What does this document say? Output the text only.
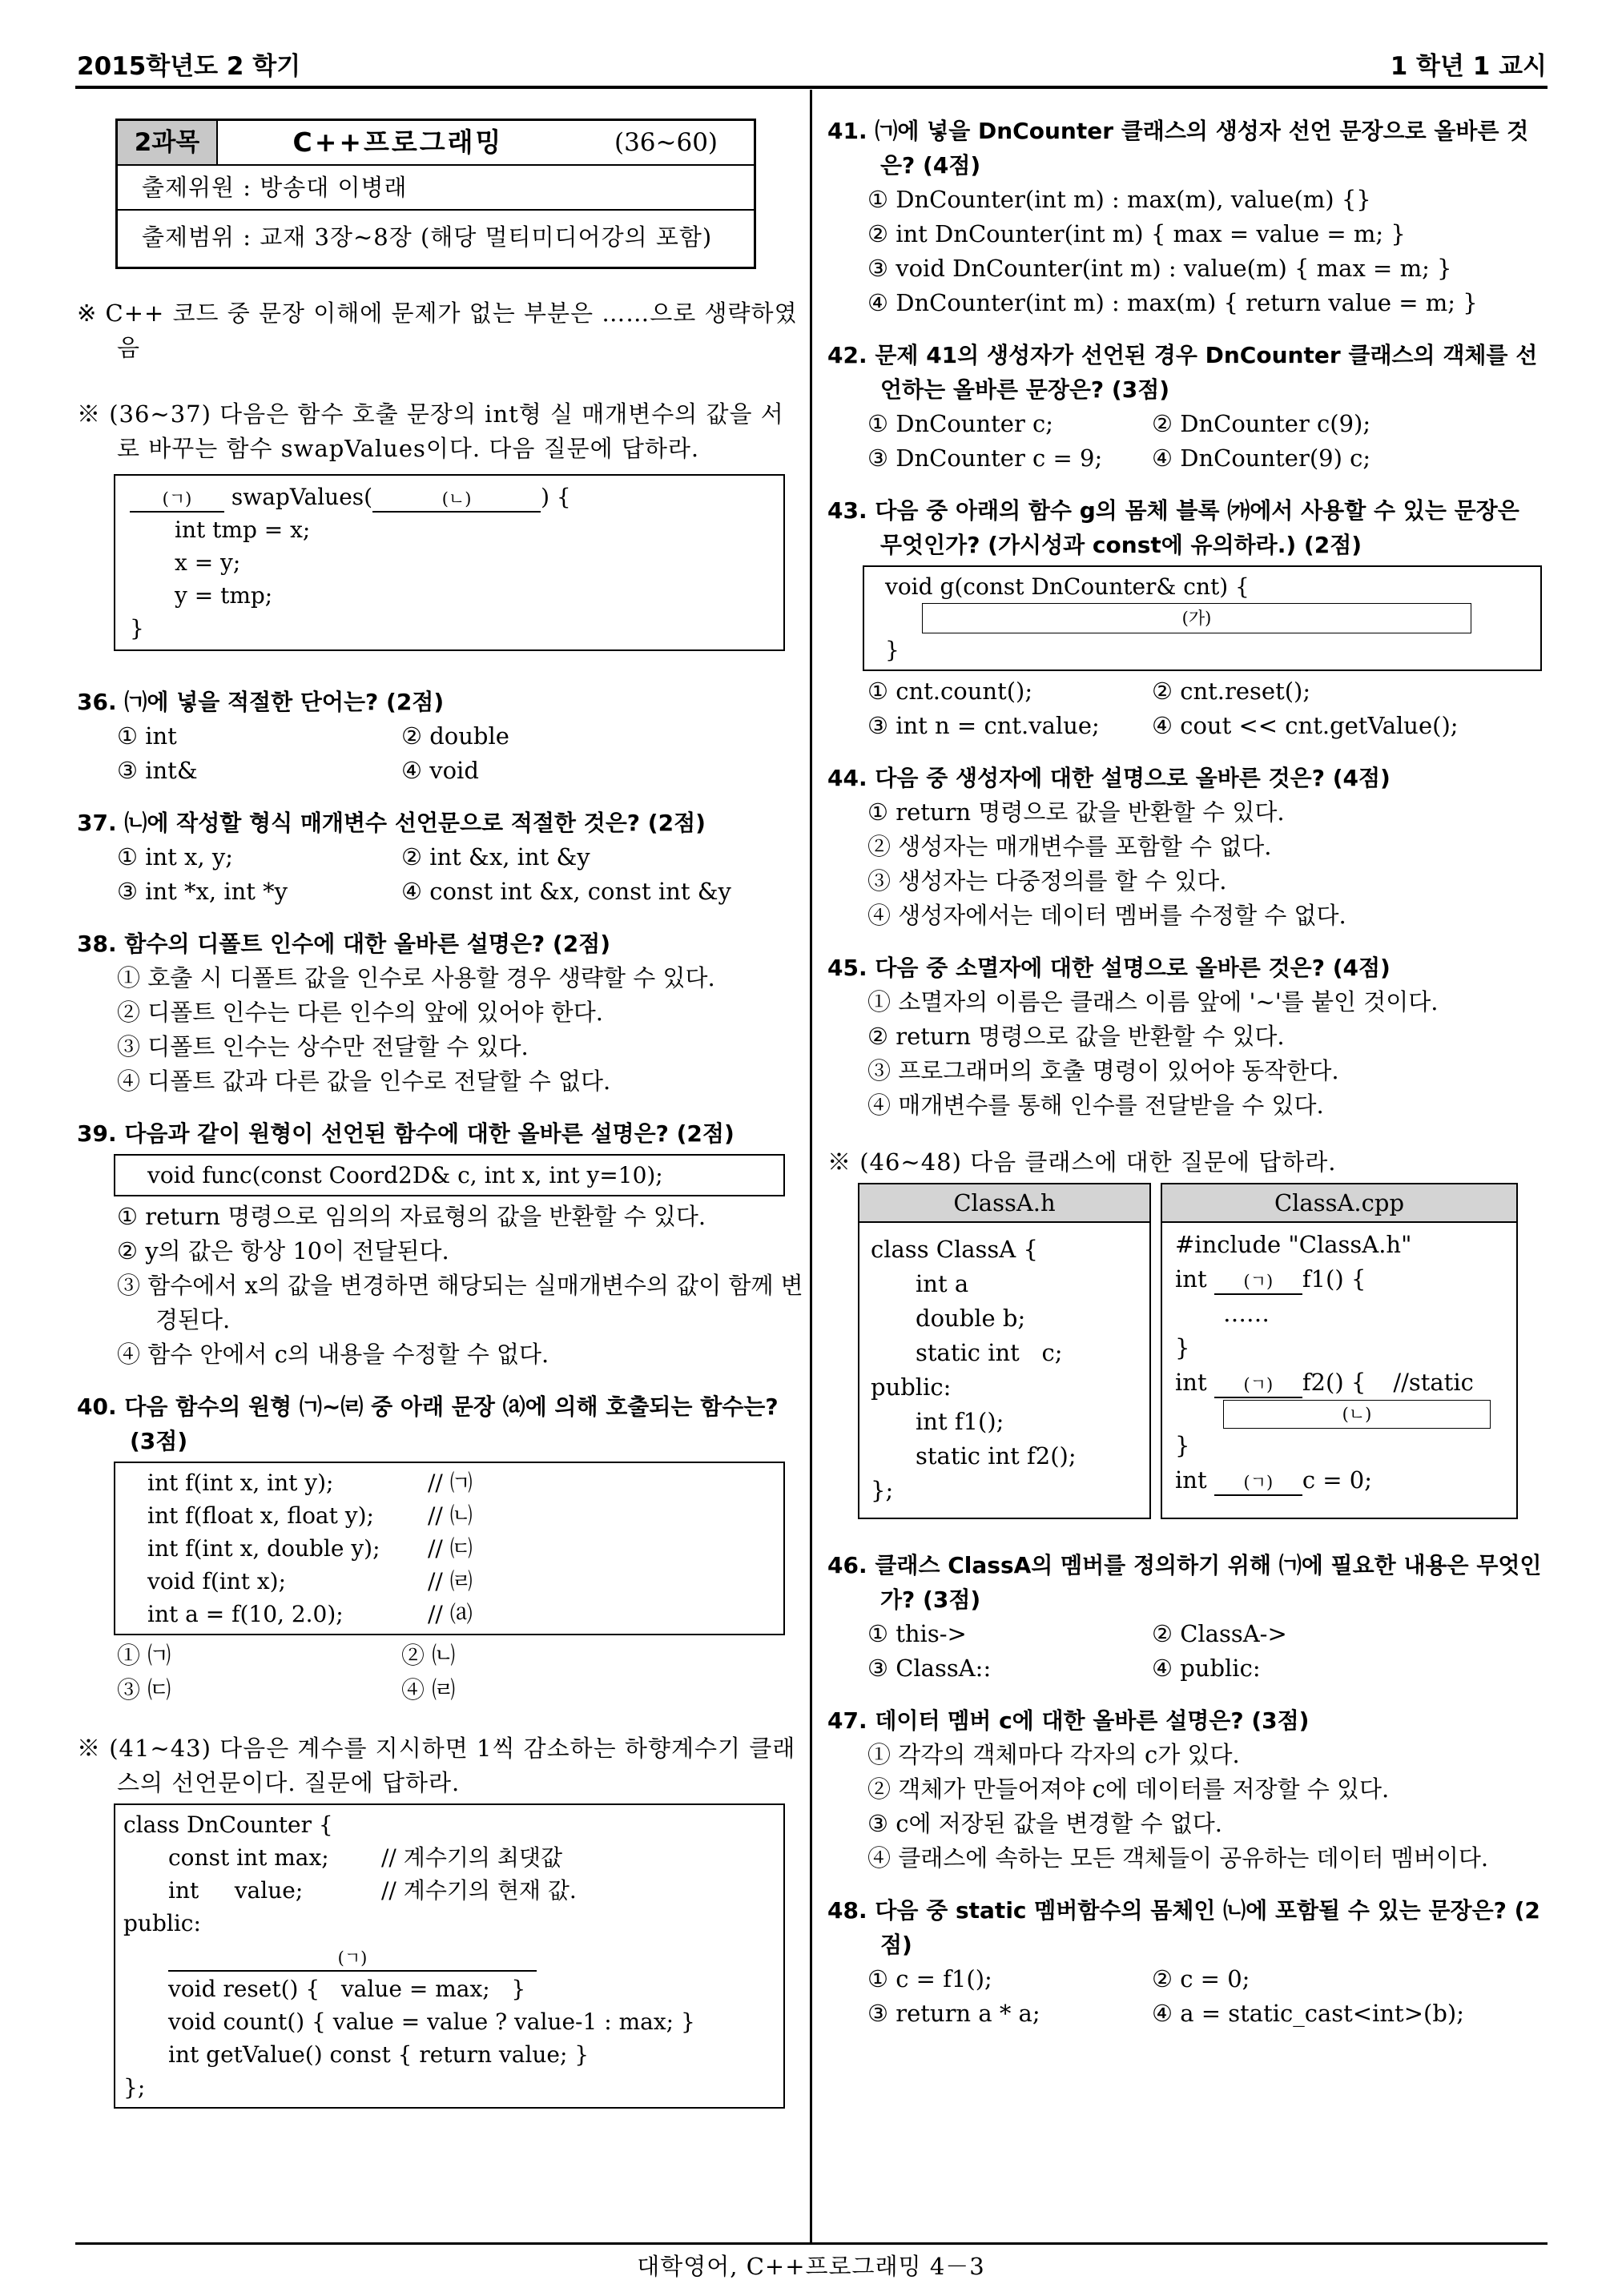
2015학년도 2 학기	1 학년 1 교시
대학영어, C++프로그래밍 4－3
2과목	C++프로그래밍	(36∼60)
출제위원 : 방송대 이병래
출제범위 : 교재 3장∼8장 (해당 멀티미디어강의 포함)
※ C++ 코드 중 문장 이해에 문제가 없는 부분은 ……으로 생략하였음
※ (36∼37) 다음은 함수 호출 문장의 int형 실 매개변수의 값을 서로 바꾸는 함수 swapValues이다. 다음 질문에 답하라.
(ㄱ) swapValues(	(ㄴ)	) {
int tmp = x;
x = y;
y = tmp;
}
36. ㈀에 넣을 적절한 단어는? (2점)
① int	② double
③ int&	④ void
37. ㈁에 작성할 형식 매개변수 선언문으로 적절한 것은? (2점)
① int x, y;	② int &x, int &y
③ int *x, int *y	④ const int &x, const int &y
38. 함수의 디폴트 인수에 대한 올바른 설명은? (2점)
① 호출 시 디폴트 값을 인수로 사용할 경우 생략할 수 있다.
② 디폴트 인수는 다른 인수의 앞에 있어야 한다.
③ 디폴트 인수는 상수만 전달할 수 있다.
④ 디폴트 값과 다른 값을 인수로 전달할 수 없다.
39. 다음과 같이 원형이 선언된 함수에 대한 올바른 설명은? (2점)
void func(const Coord2D& c, int x, int y=10);
① return 명령으로 임의의 자료형의 값을 반환할 수 있다.
② y의 값은 항상 10이 전달된다.
③ 함수에서 x의 값을 변경하면 해당되는 실매개변수의 값이 함께 변경된다.
④ 함수 안에서 c의 내용을 수정할 수 없다.
40. 다음 함수의 원형 ㈀∼㈃ 중 아래 문장 ⒜에 의해 호출되는 함수는? (3점)
int f(int x, int y);	// ㈀
int f(float x, float y);	// ㈁
int f(int x, double y);	// ㈂
void f(int x);	// ㈃
int a = f(10, 2.0);	// ⒜
① ㈀	② ㈁
③ ㈂	④ ㈃
※ (41∼43) 다음은 계수를 지시하면 1씩 감소하는 하향계수기 클래스의 선언문이다. 질문에 답하라.
class DnCounter {
const int max;	// 계수기의 최댓값
int     value;	// 계수기의 현재 값.
public:
(ㄱ)
void reset() {   value = max;   }
void count() { value = value ? value-1 : max; }
int getValue() const { return value; }
};
41. ㈀에 넣을 DnCounter 클래스의 생성자 선언 문장으로 올바른 것은? (4점)
① DnCounter(int m) : max(m), value(m) {}
② int DnCounter(int m) { max = value = m; }
③ void DnCounter(int m) : value(m) { max = m; }
④ DnCounter(int m) : max(m) { return value = m; }
42. 문제 41의 생성자가 선언된 경우 DnCounter 클래스의 객체를 선언하는 올바른 문장은? (3점)
① DnCounter c;	② DnCounter c(9);
③ DnCounter c = 9;	④ DnCounter(9) c;
43. 다음 중 아래의 함수 g의 몸체 블록 ㈎에서 사용할 수 있는 문장은 무엇인가? (가시성과 const에 유의하라.) (2점)
void g(const DnCounter& cnt) {
(가)
}
① cnt.count();	② cnt.reset();
③ int n = cnt.value;	④ cout << cnt.getValue();
44. 다음 중 생성자에 대한 설명으로 올바른 것은? (4점)
① return 명령으로 값을 반환할 수 있다.
② 생성자는 매개변수를 포함할 수 없다.
③ 생성자는 다중정의를 할 수 있다.
④ 생성자에서는 데이터 멤버를 수정할 수 없다.
45. 다음 중 소멸자에 대한 설명으로 올바른 것은? (4점)
① 소멸자의 이름은 클래스 이름 앞에 '~'를 붙인 것이다.
② return 명령으로 값을 반환할 수 있다.
③ 프로그래머의 호출 명령이 있어야 동작한다.
④ 매개변수를 통해 인수를 전달받을 수 있다.
※ (46∼48) 다음 클래스에 대한 질문에 답하라.
ClassA.h
class ClassA {
int a
double b;
static int   c;
public:
int f1();
static int f2();
};
ClassA.cpp
#include "ClassA.h"
int (ㄱ) f1() {
……
}
int (ㄱ) f2() { //static
(ㄴ)
}
int (ㄱ) c = 0;
46. 클래스 ClassA의 멤버를 정의하기 위해 ㈀에 필요한 내용은 무엇인가? (3점)
① this->	② ClassA->
③ ClassA::	④ public:
47. 데이터 멤버 c에 대한 올바른 설명은? (3점)
① 각각의 객체마다 각자의 c가 있다.
② 객체가 만들어져야 c에 데이터를 저장할 수 있다.
③ c에 저장된 값을 변경할 수 없다.
④ 클래스에 속하는 모든 객체들이 공유하는 데이터 멤버이다.
48. 다음 중 static 멤버함수의 몸체인 ㈁에 포함될 수 있는 문장은? (2점)
① c = f1();	② c = 0;
③ return a * a;	④ a = static_cast<int>(b);
